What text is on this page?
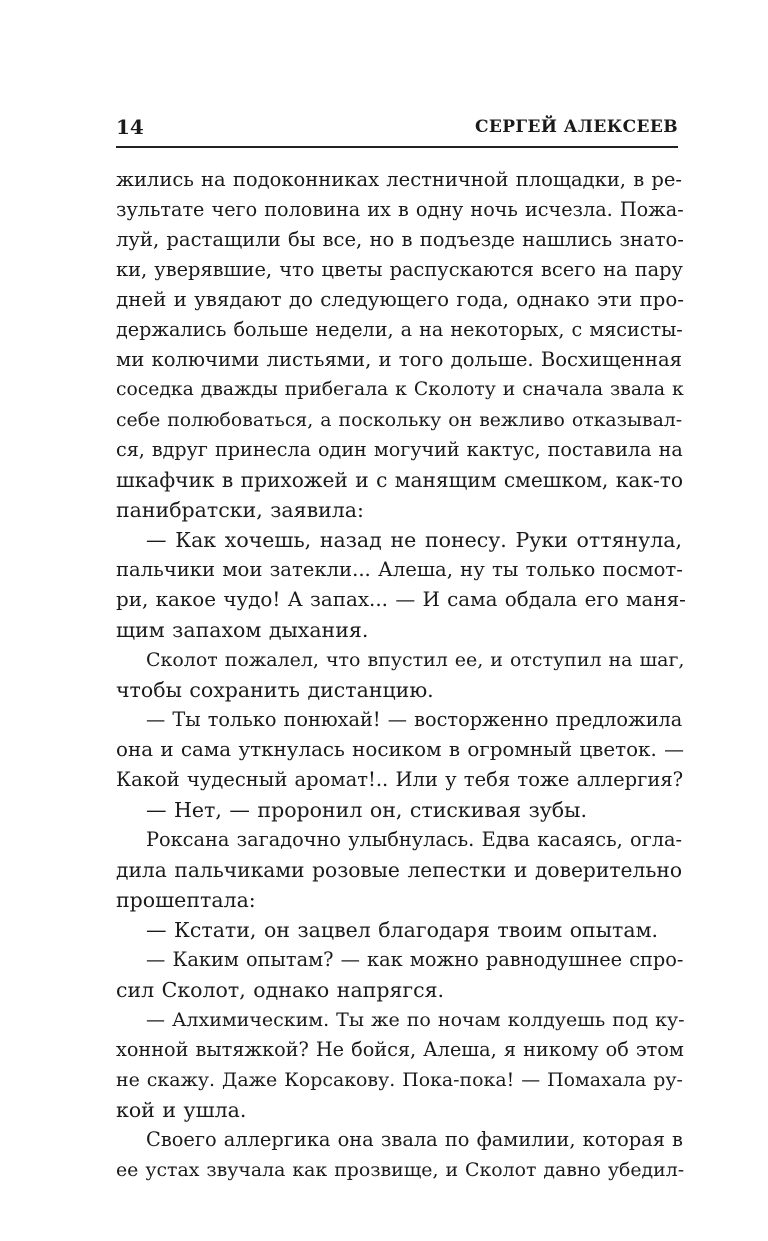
14	СЕРГЕЙ АЛЕКСЕЕВ
жились на подоконниках лестничной площадки, в ре-
зультате чего половина их в одну ночь исчезла. Пожа-
луй, растащили бы все, но в подъезде нашлись знато-
ки, уверявшие, что цветы распускаются всего на пару
дней и увядают до следующего года, однако эти про-
держались больше недели, а на некоторых, с мясисты-
ми колючими листьями, и того дольше. Восхищенная
соседка дважды прибегала к Сколоту и сначала звала к
себе полюбоваться, а поскольку он вежливо отказывал-
ся, вдруг принесла один могучий кактус, поставила на
шкафчик в прихожей и с манящим смешком, как-то
панибратски, заявила:
— Как хочешь, назад не понесу. Руки оттянула,
пальчики мои затекли... Алеша, ну ты только посмот-
ри, какое чудо! А запах... — И сама обдала его маня-
щим запахом дыхания.
Сколот пожалел, что впустил ее, и отступил на шаг,
чтобы сохранить дистанцию.
— Ты только понюхай! — восторженно предложила
она и сама уткнулась носиком в огромный цветок. —
Какой чудесный аромат!.. Или у тебя тоже аллергия?
— Нет, — проронил он, стискивая зубы.
Роксана загадочно улыбнулась. Едва касаясь, огла-
дила пальчиками розовые лепестки и доверительно
прошептала:
— Кстати, он зацвел благодаря твоим опытам.
— Каким опытам? — как можно равнодушнее спро-
сил Сколот, однако напрягся.
— Алхимическим. Ты же по ночам колдуешь под ку-
хонной вытяжкой? Не бойся, Алеша, я никому об этом
не скажу. Даже Корсакову. Пока-пока! — Помахала ру-
кой и ушла.
Своего аллергика она звала по фамилии, которая в
ее устах звучала как прозвище, и Сколот давно убедил-
